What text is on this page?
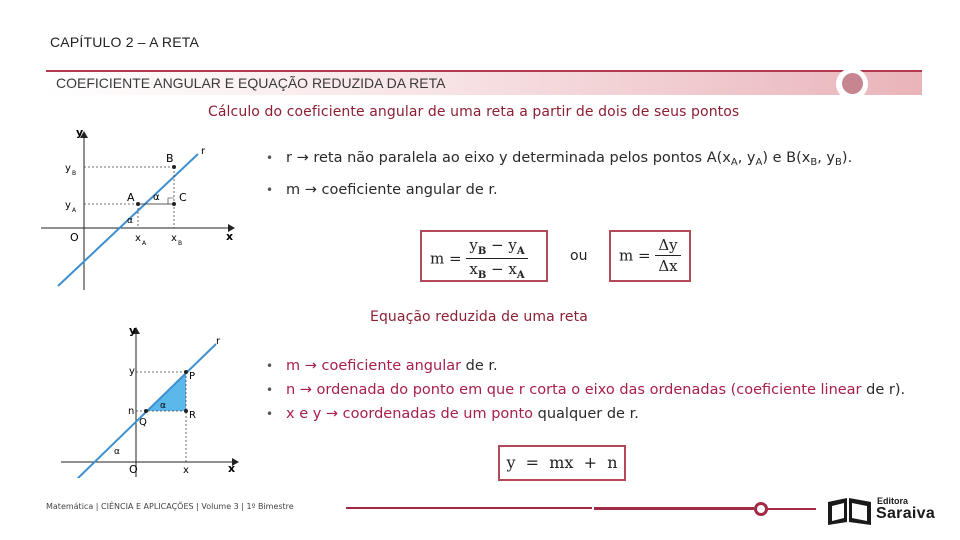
CAPÍTULO 2 – A RETA
COEFICIENTE ANGULAR E EQUAÇÃO REDUZIDA DA RETA
Cálculo do coeficiente angular de uma reta a partir de dois de seus pontos
y
x
O
r
B
A	C
α
α
y B
y A
x A x B
• r → reta não paralela ao eixo y determinada pelos pontos $A(x_A$, $y_A$) e $B(x_B$, $y_B$).
• m → coeficiente angular de r.
$m = \frac{y_B - y_A}{x_B - x_A}$	ou	$m = \frac{\Delta y}{\Delta x}$
Equação reduzida de uma reta
y
x
O
r
P
Q
R
y
n
x
α
α
• m → coeficiente angular de r.
• n → ordenada do ponto em que r corta o eixo das ordenadas (coeficiente linear de r).
• x e y → coordenadas de um ponto qualquer de r.
y  =  mx  +  n
Matemática | CIÊNCIA E APLICAÇÕES | Volume 3 | 1º Bimestre
Editora
Saraiva
